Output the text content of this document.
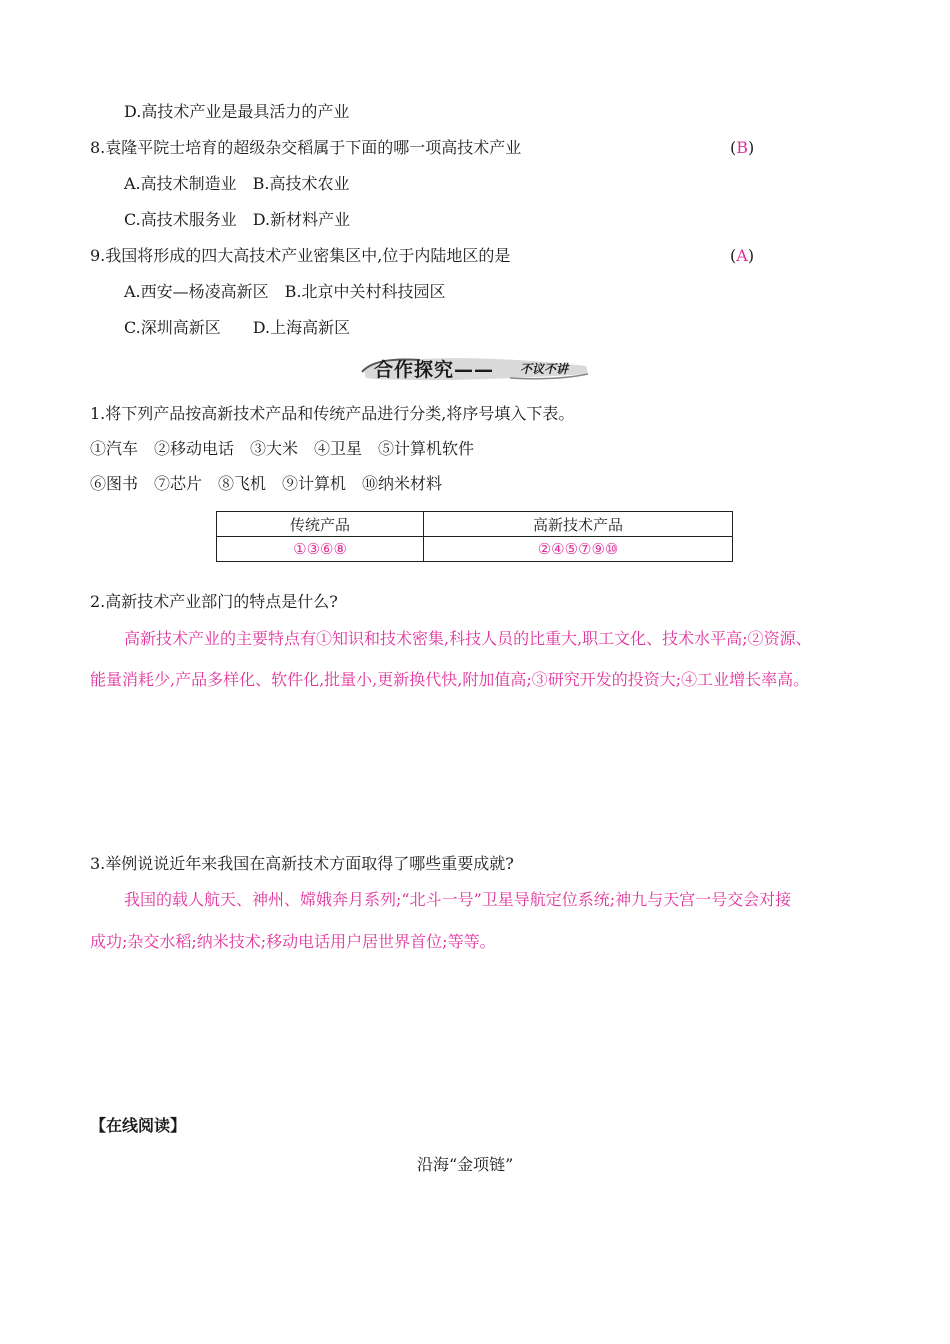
D.高技术产业是最具活力的产业
8.袁隆平院士培育的超级杂交稻属于下面的哪一项高技术产业	(B)
A.高技术制造业　B.高技术农业
C.高技术服务业　D.新材料产业
9.我国将形成的四大高技术产业密集区中,位于内陆地区的是	(A)
A.西安—杨凌高新区　B.北京中关村科技园区
C.深圳高新区　　D.上海高新区
合作探究—— 不议不讲
1.将下列产品按高新技术产品和传统产品进行分类,将序号填入下表。
①汽车　②移动电话　③大米　④卫星　⑤计算机软件
⑥图书　⑦芯片　⑧飞机　⑨计算机　⑩纳米材料
传统产品	高新技术产品
①③⑥⑧	②④⑤⑦⑨⑩
2.高新技术产业部门的特点是什么?
高新技术产业的主要特点有①知识和技术密集,科技人员的比重大,职工文化、技术水平高;②资源、
能量消耗少,产品多样化、软件化,批量小,更新换代快,附加值高;③研究开发的投资大;④工业增长率高。
3.举例说说近年来我国在高新技术方面取得了哪些重要成就?
我国的载人航天、神州、嫦娥奔月系列;“北斗一号”卫星导航定位系统;神九与天宫一号交会对接
成功;杂交水稻;纳米技术;移动电话用户居世界首位;等等。
【在线阅读】
沿海“金项链”
